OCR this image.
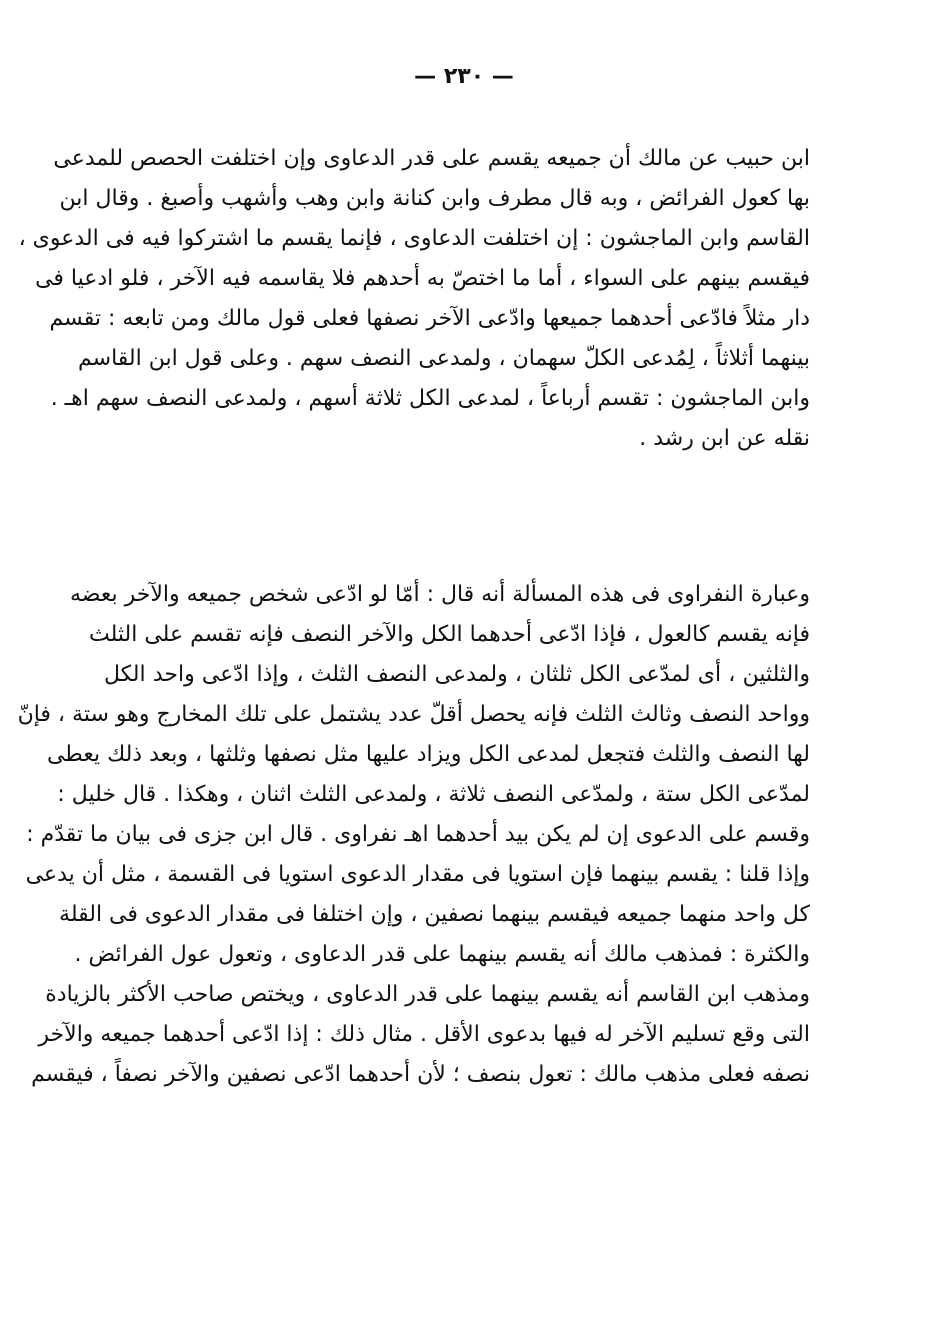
— ٢٣٠ —
ابن حبيب عن مالك أن جميعه يقسم على قدر الدعاوى وإن اختلفت الحصص للمدعى
بها كعول الفرائض ، وبه قال مطرف وابن كنانة وابن وهب وأشهب وأصبغ . وقال ابن
القاسم وابن الماجشون : إن اختلفت الدعاوى ، فإنما يقسم ما اشتركوا فيه فى الدعوى ،
فيقسم بينهم على السواء ، أما ما اختصّ به أحدهم فلا يقاسمه فيه الآخر ، فلو ادعيا فى
دار مثلاً فادّعى أحدهما جميعها وادّعى الآخر نصفها فعلى قول مالك ومن تابعه : تقسم
بينهما أثلاثاً ، لِمُدعى الكلّ سهمان ، ولمدعى النصف سهم . وعلى قول ابن القاسم
وابن الماجشون : تقسم أرباعاً ، لمدعى الكل ثلاثة أسهم ، ولمدعى النصف سهم اهـ .
نقله عن ابن رشد .
وعبارة النفراوى فى هذه المسألة أنه قال : أمّا لو ادّعى شخص جميعه والآخر بعضه
فإنه يقسم كالعول ، فإذا ادّعى أحدهما الكل والآخر النصف فإنه تقسم على الثلث
والثلثين ، أى لمدّعى الكل ثلثان ، ولمدعى النصف الثلث ، وإذا ادّعى واحد الكل
وواحد النصف وثالث الثلث فإنه يحصل أقلّ عدد يشتمل على تلك المخارج وهو ستة ، فإنّ
لها النصف والثلث فتجعل لمدعى الكل ويزاد عليها مثل نصفها وثلثها ، وبعد ذلك يعطى
لمدّعى الكل ستة ، ولمدّعى النصف ثلاثة ، ولمدعى الثلث اثنان ، وهكذا . قال خليل :
وقسم على الدعوى إن لم يكن بيد أحدهما اهـ نفراوى . قال ابن جزى فى بيان ما تقدّم :
وإذا قلنا : يقسم بينهما فإن استويا فى مقدار الدعوى استويا فى القسمة ، مثل أن يدعى
كل واحد منهما جميعه فيقسم بينهما نصفين ، وإن اختلفا فى مقدار الدعوى فى القلة
والكثرة : فمذهب مالك أنه يقسم بينهما على قدر الدعاوى ، وتعول عول الفرائض .
ومذهب ابن القاسم أنه يقسم بينهما على قدر الدعاوى ، ويختص صاحب الأكثر بالزيادة
التى وقع تسليم الآخر له فيها بدعوى الأقل . مثال ذلك : إذا ادّعى أحدهما جميعه والآخر
نصفه فعلى مذهب مالك : تعول بنصف ؛ لأن أحدهما ادّعى نصفين والآخر نصفاً ، فيقسم
